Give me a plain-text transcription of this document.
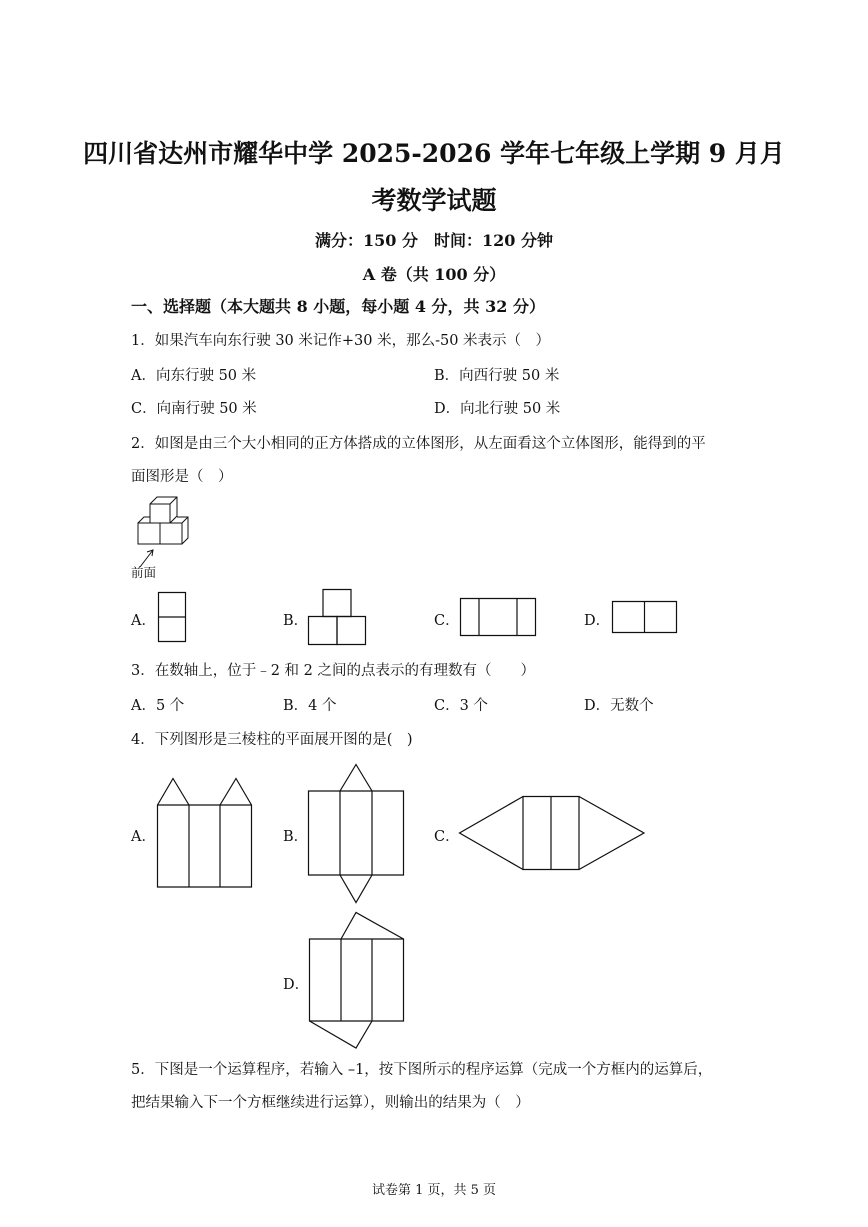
四川省达州市耀华中学 2025-2026 学年七年级上学期 9 月月
考数学试题
满分：150 分　时间：120 分钟
A 卷（共 100 分）
一、选择题（本大题共 8 小题，每小题 4 分，共 32 分）
1．如果汽车向东行驶 30 米记作+30 米，那么-50 米表示（　）
A．向东行驶 50 米	B．向西行驶 50 米
C．向南行驶 50 米	D．向北行驶 50 米
2．如图是由三个大小相同的正方体搭成的立体图形，从左面看这个立体图形，能得到的平
面图形是（　）
前面
A．	B．	C．	D．
3．在数轴上，位于﹣2 和 2 之间的点表示的有理数有（　　）
A．5 个	B．4 个	C．3 个	D．无数个
4．下列图形是三棱柱的平面展开图的是(　)
A．	B．	C．
D．
5．下图是一个运算程序，若输入 –1，按下图所示的程序运算（完成一个方框内的运算后，
把结果输入下一个方框继续进行运算），则输出的结果为（　）
试卷第 1 页，共 5 页
